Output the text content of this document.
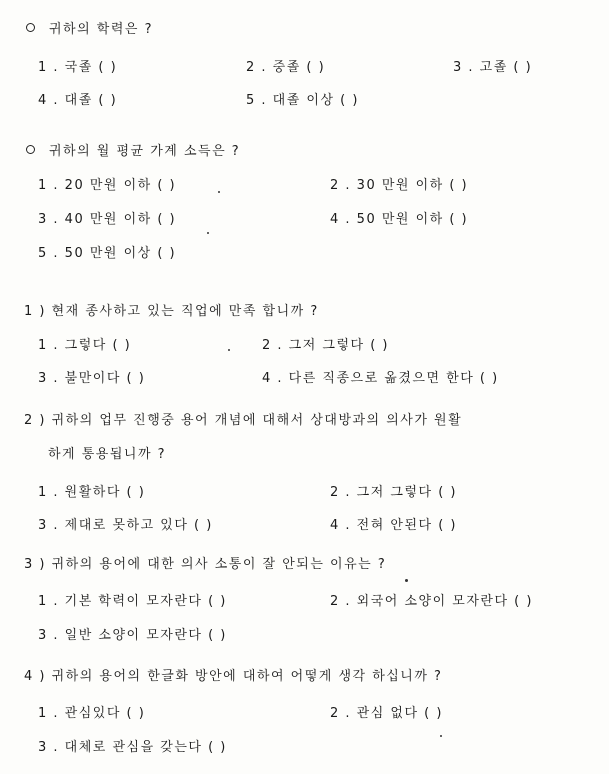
귀하의 학력은 ?
1 . 국졸 ( )	2 . 중졸 ( )	3 . 고졸 ( )
4 . 대졸 ( )	5 . 대졸 이상 ( )
귀하의 월 평균 가계 소득은 ?
1 . 20 만원 이하 ( )	2 . 30 만원 이하 ( )
3 . 40 만원 이하 ( )	4 . 50 만원 이하 ( )
5 . 50 만원 이상 ( )
1 ) 현재 종사하고 있는 직업에 만족 합니까 ?
1 . 그렇다 ( )	2 . 그저 그렇다 ( )
3 . 불만이다 ( )	4 . 다른 직종으로 옮겼으면 한다 ( )
2 ) 귀하의 업무 진행중 용어 개념에 대해서 상대방과의 의사가 원활
하게 통용됩니까 ?
1 . 원활하다 ( )	2 . 그저 그렇다 ( )
3 . 제대로 못하고 있다 ( )	4 . 전혀 안된다 ( )
3 ) 귀하의 용어에 대한 의사 소통이 잘 안되는 이유는 ?
1 . 기본 학력이 모자란다 ( )	2 . 외국어 소양이 모자란다 ( )
3 . 일반 소양이 모자란다 ( )
4 ) 귀하의 용어의 한글화 방안에 대하여 어떻게 생각 하십니까 ?
1 . 관심있다 ( )	2 . 관심 없다 ( )
3 . 대체로 관심을 갖는다 ( )
